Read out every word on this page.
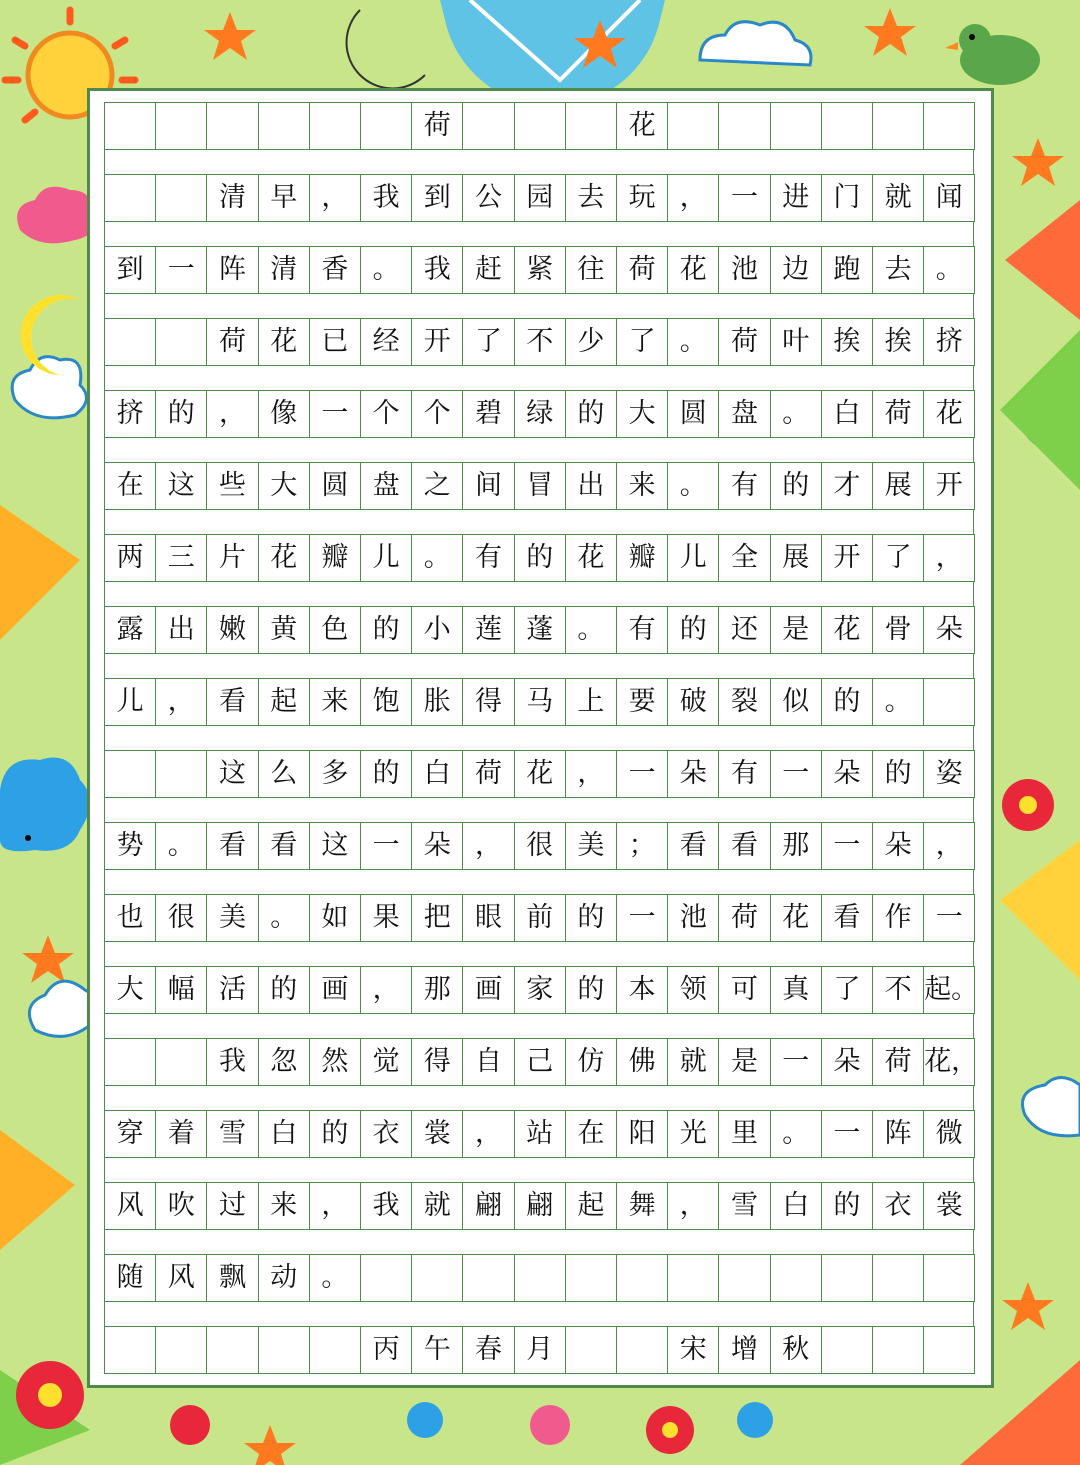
荷	花
清 早 ， 我 到 公 园 去 玩 ， 一 进 门 就 闻
到 一 阵 清 香 。 我 赶 紧 往 荷 花 池 边 跑 去 。
荷 花 已 经 开 了 不 少 了 。 荷 叶 挨 挨 挤
挤 的 ， 像 一 个 个 碧 绿 的 大 圆 盘 。 白 荷 花
在 这 些 大 圆 盘 之 间 冒 出 来 。 有 的 才 展 开
两 三 片 花 瓣 儿 。 有 的 花 瓣 儿 全 展 开 了 ，
露 出 嫩 黄 色 的 小 莲 蓬 。 有 的 还 是 花 骨 朵
儿 ， 看 起 来 饱 胀 得 马 上 要 破 裂 似 的 。
这 么 多 的 白 荷 花 ， 一 朵 有 一 朵 的 姿
势 。 看 看 这 一 朵 ， 很 美 ； 看 看 那 一 朵 ，
也 很 美 。 如 果 把 眼 前 的 一 池 荷 花 看 作 一
大 幅 活 的 画 ， 那 画 家 的 本 领 可 真 了 不 起。
我 忽 然 觉 得 自 己 仿 佛 就 是 一 朵 荷 花，
穿 着 雪 白 的 衣 裳 ， 站 在 阳 光 里 。 一 阵 微
风 吹 过 来 ， 我 就 翩 翩 起 舞 ， 雪 白 的 衣 裳
随 风 飘 动 。
丙 午 春 月	宋 增 秋
